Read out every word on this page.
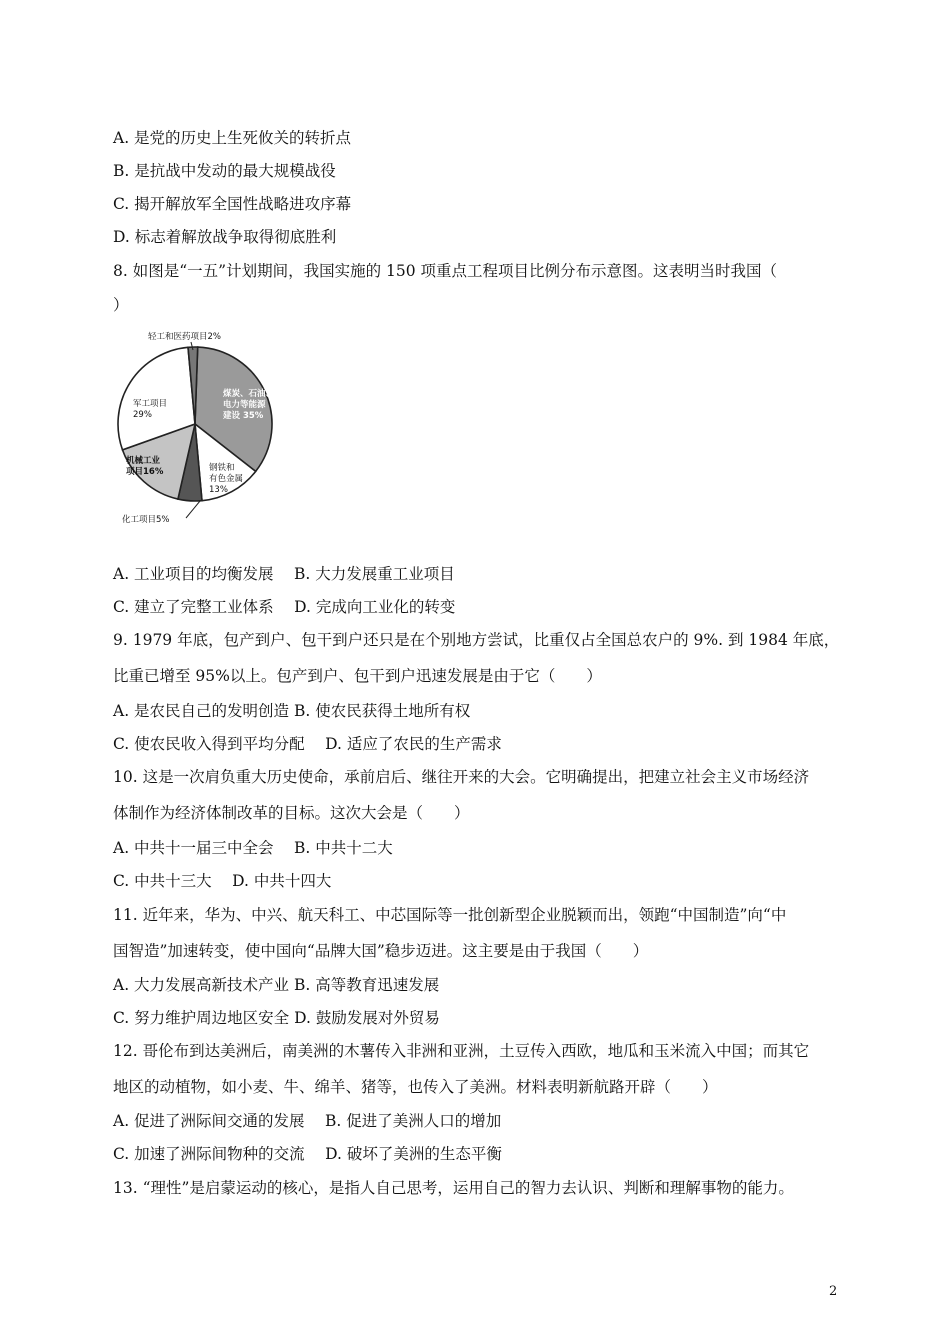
A. 是党的历史上生死攸关的转折点
B. 是抗战中发动的最大规模战役
C. 揭开解放军全国性战略进攻序幕
D. 标志着解放战争取得彻底胜利
8. 如图是“一五”计划期间，我国实施的 150 项重点工程项目比例分布示意图。这表明当时我国（
）
A. 工业项目的均衡发展　 B. 大力发展重工业项目
C. 建立了完整工业体系　 D. 完成向工业化的转变
9. 1979 年底，包产到户、包干到户还只是在个别地方尝试，比重仅占全国总农户的 9%. 到 1984 年底，
比重已增至 95%以上。包产到户、包干到户迅速发展是由于它（　　）
A. 是农民自己的发明创造 B. 使农民获得土地所有权
C. 使农民收入得到平均分配　 D. 适应了农民的生产需求
10. 这是一次肩负重大历史使命，承前启后、继往开来的大会。它明确提出，把建立社会主义市场经济
体制作为经济体制改革的目标。这次大会是（　　）
A. 中共十一届三中全会　 B. 中共十二大
C. 中共十三大　 D. 中共十四大
11. 近年来，华为、中兴、航天科工、中芯国际等一批创新型企业脱颖而出，领跑“中国制造”向“中
国智造”加速转变，使中国向“品牌大国”稳步迈进。这主要是由于我国（　　）
A. 大力发展高新技术产业 B. 高等教育迅速发展
C. 努力维护周边地区安全 D. 鼓励发展对外贸易
12. 哥伦布到达美洲后，南美洲的木薯传入非洲和亚洲，土豆传入西欧，地瓜和玉米流入中国；而其它
地区的动植物，如小麦、牛、绵羊、猪等，也传入了美洲。材料表明新航路开辟（　　）
A. 促进了洲际间交通的发展　 B. 促进了美洲人口的增加
C. 加速了洲际间物种的交流　 D. 破坏了美洲的生态平衡
13. “理性”是启蒙运动的核心，是指人自己思考，运用自己的智力去认识、判断和理解事物的能力。
煤炭、石油、电力等能源建设 35%
钢铁和有色金属 13%
化工项目5%
机械工业项目16%
军工项目 29%
轻工和医药项目2%
2
